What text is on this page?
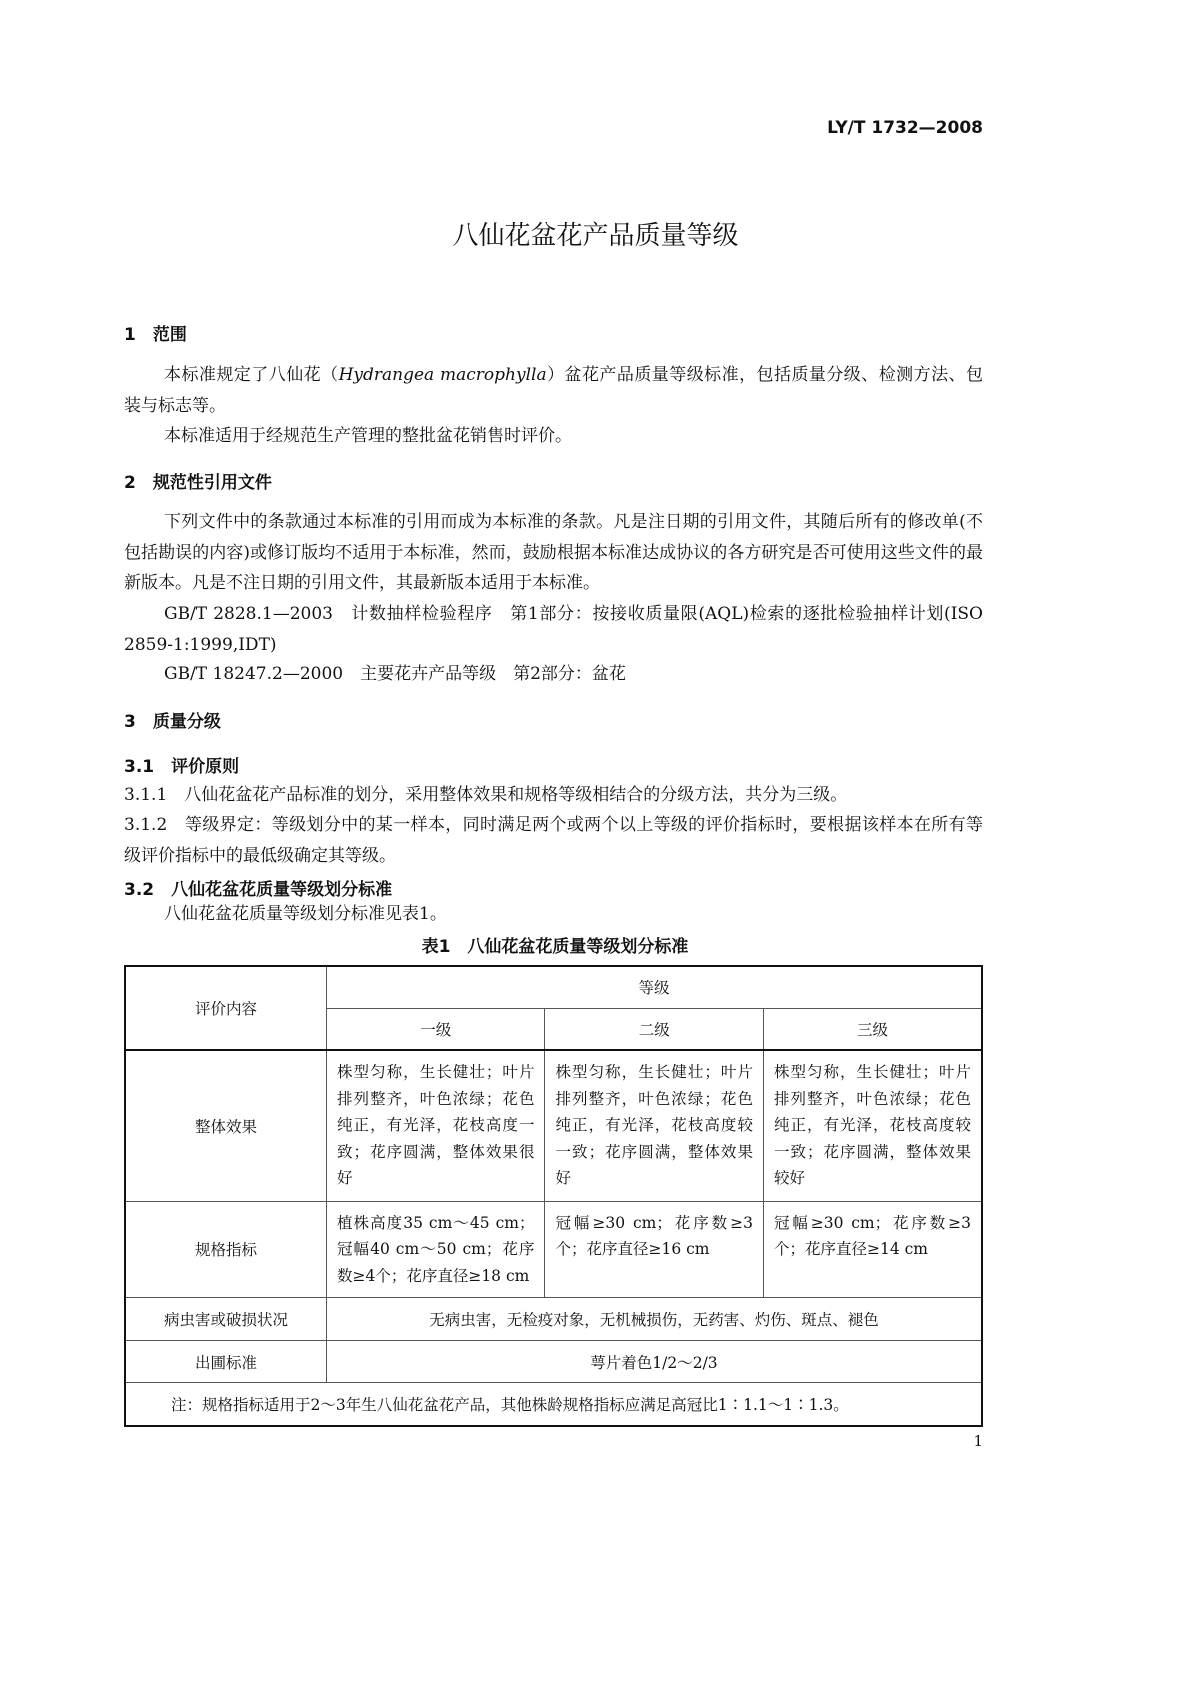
LY/T 1732—2008
八仙花盆花产品质量等级
1　范围
本标准规定了八仙花（Hydrangea macrophylla）盆花产品质量等级标准，包括质量分级、检测方法、包装与标志等。
本标准适用于经规范生产管理的整批盆花销售时评价。
2　规范性引用文件
下列文件中的条款通过本标准的引用而成为本标准的条款。凡是注日期的引用文件，其随后所有的修改单(不包括勘误的内容)或修订版均不适用于本标准，然而，鼓励根据本标准达成协议的各方研究是否可使用这些文件的最新版本。凡是不注日期的引用文件，其最新版本适用于本标准。
GB/T 2828.1—2003　计数抽样检验程序　第1部分：按接收质量限(AQL)检索的逐批检验抽样计划(ISO 2859-1:1999,IDT)
GB/T 18247.2—2000　主要花卉产品等级　第2部分：盆花
3　质量分级
3.1　评价原则
3.1.1　八仙花盆花产品标准的划分，采用整体效果和规格等级相结合的分级方法，共分为三级。
3.1.2　等级界定：等级划分中的某一样本，同时满足两个或两个以上等级的评价指标时，要根据该样本在所有等级评价指标中的最低级确定其等级。
3.2　八仙花盆花质量等级划分标准
八仙花盆花质量等级划分标准见表1。
表1　八仙花盆花质量等级划分标准
评价内容	等级		
	一级	二级	三级
整体效果	株型匀称，生长健壮；叶片排列整齐，叶色浓绿；花色纯正，有光泽，花枝高度一致；花序圆满，整体效果很好	株型匀称，生长健壮；叶片排列整齐，叶色浓绿；花色纯正，有光泽，花枝高度较一致；花序圆满，整体效果好	株型匀称，生长健壮；叶片排列整齐，叶色浓绿；花色纯正，有光泽，花枝高度较一致；花序圆满，整体效果较好
规格指标	植株高度35 cm～45 cm；冠幅40 cm～50 cm；花序数≥4个；花序直径≥18 cm	冠幅≥30 cm；花序数≥3个；花序直径≥16 cm	冠幅≥30 cm；花序数≥3个；花序直径≥14 cm
病虫害或破损状况	无病虫害，无检疫对象，无机械损伤，无药害、灼伤、斑点、褪色		
出圃标准	萼片着色1/2～2/3		
注：规格指标适用于2～3年生八仙花盆花产品，其他株龄规格指标应满足高冠比1∶1.1～1∶1.3。			
1
